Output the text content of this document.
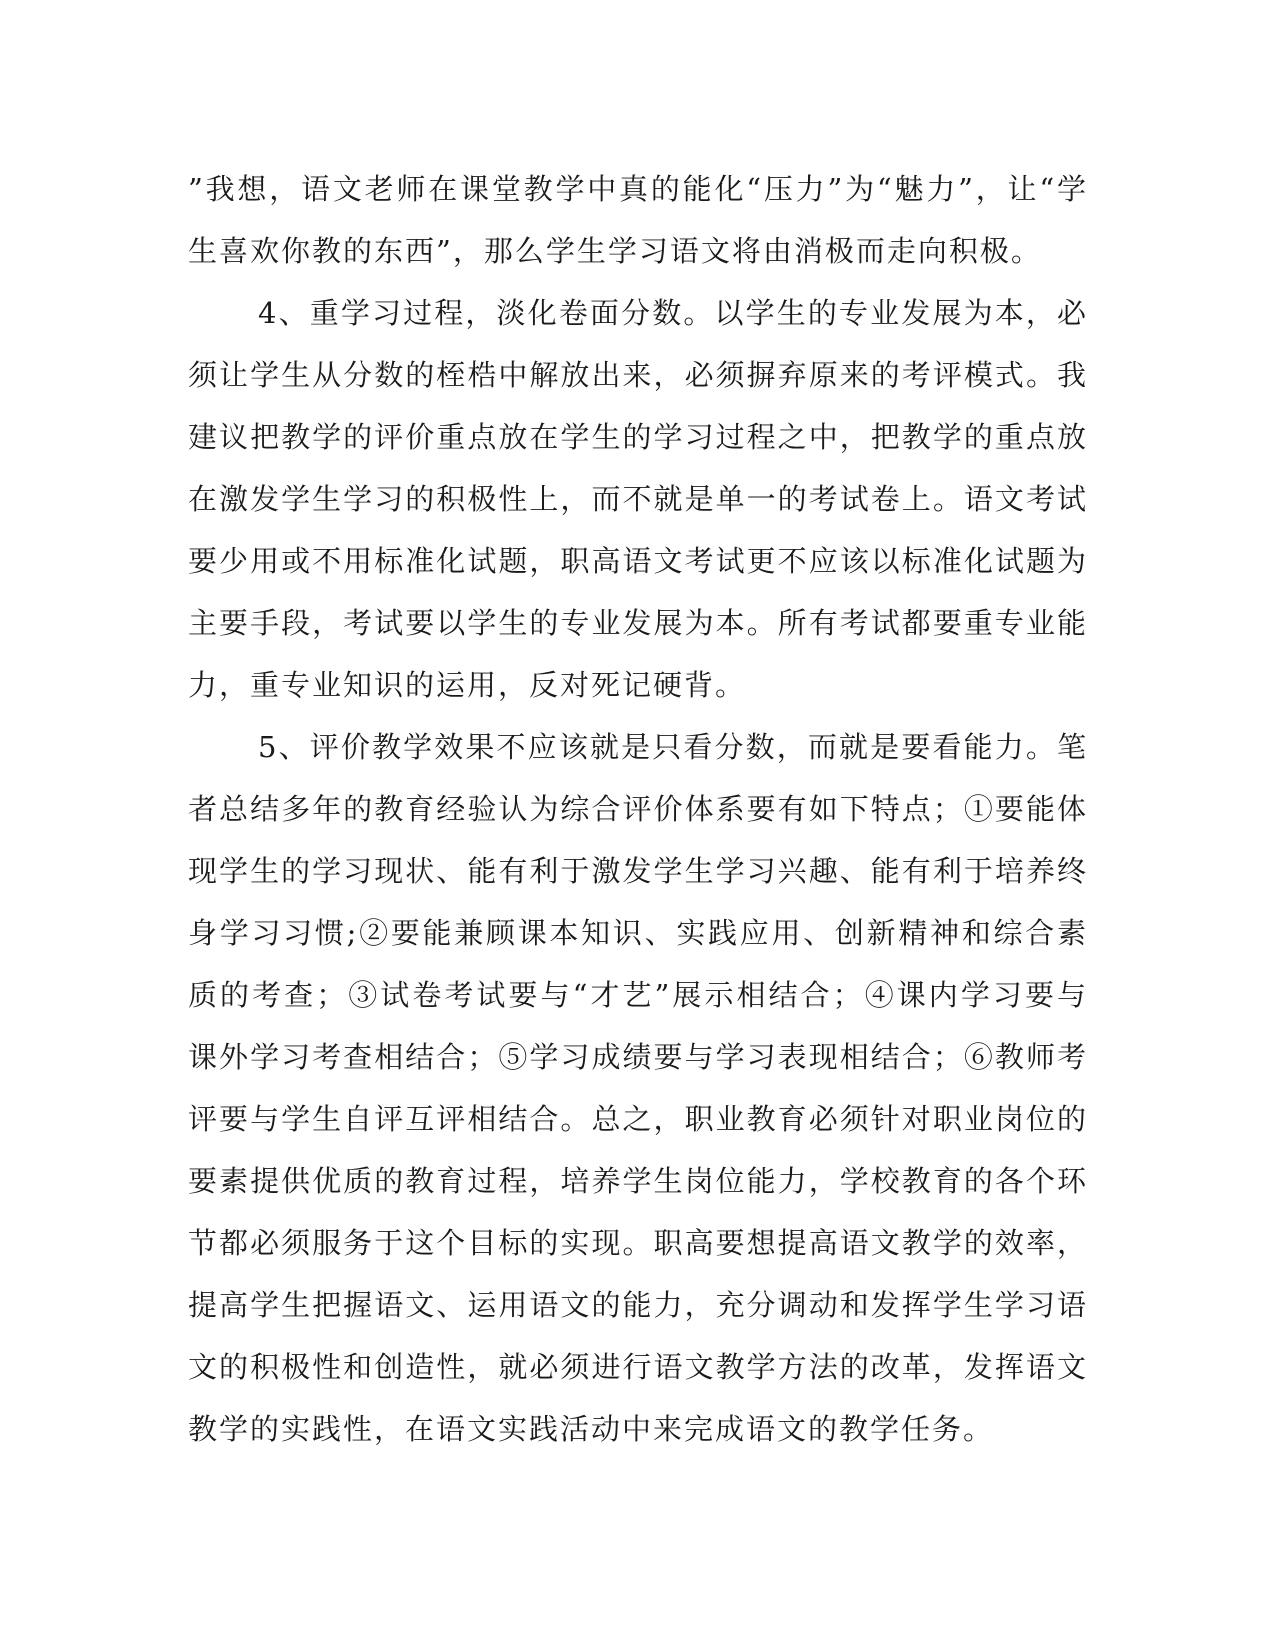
”我想，语文老师在课堂教学中真的能化“压力”为“魅力”，让“学生喜欢你教的东西”，那么学生学习语文将由消极而走向积极。

4、重学习过程，淡化卷面分数。以学生的专业发展为本，必须让学生从分数的桎梏中解放出来，必须摒弃原来的考评模式。我建议把教学的评价重点放在学生的学习过程之中，把教学的重点放在激发学生学习的积极性上，而不就是单一的考试卷上。语文考试要少用或不用标准化试题，职高语文考试更不应该以标准化试题为主要手段，考试要以学生的专业发展为本。所有考试都要重专业能力，重专业知识的运用，反对死记硬背。

5、评价教学效果不应该就是只看分数，而就是要看能力。笔者总结多年的教育经验认为综合评价体系要有如下特点；①要能体现学生的学习现状、能有利于激发学生学习兴趣、能有利于培养终身学习习惯;②要能兼顾课本知识、实践应用、创新精神和综合素质的考查；③试卷考试要与“才艺”展示相结合；④课内学习要与课外学习考查相结合；⑤学习成绩要与学习表现相结合；⑥教师考评要与学生自评互评相结合。总之，职业教育必须针对职业岗位的要素提供优质的教育过程，培养学生岗位能力，学校教育的各个环节都必须服务于这个目标的实现。职高要想提高语文教学的效率，提高学生把握语文、运用语文的能力，充分调动和发挥学生学习语文的积极性和创造性，就必须进行语文教学方法的改革，发挥语文教学的实践性，在语文实践活动中来完成语文的教学任务。
